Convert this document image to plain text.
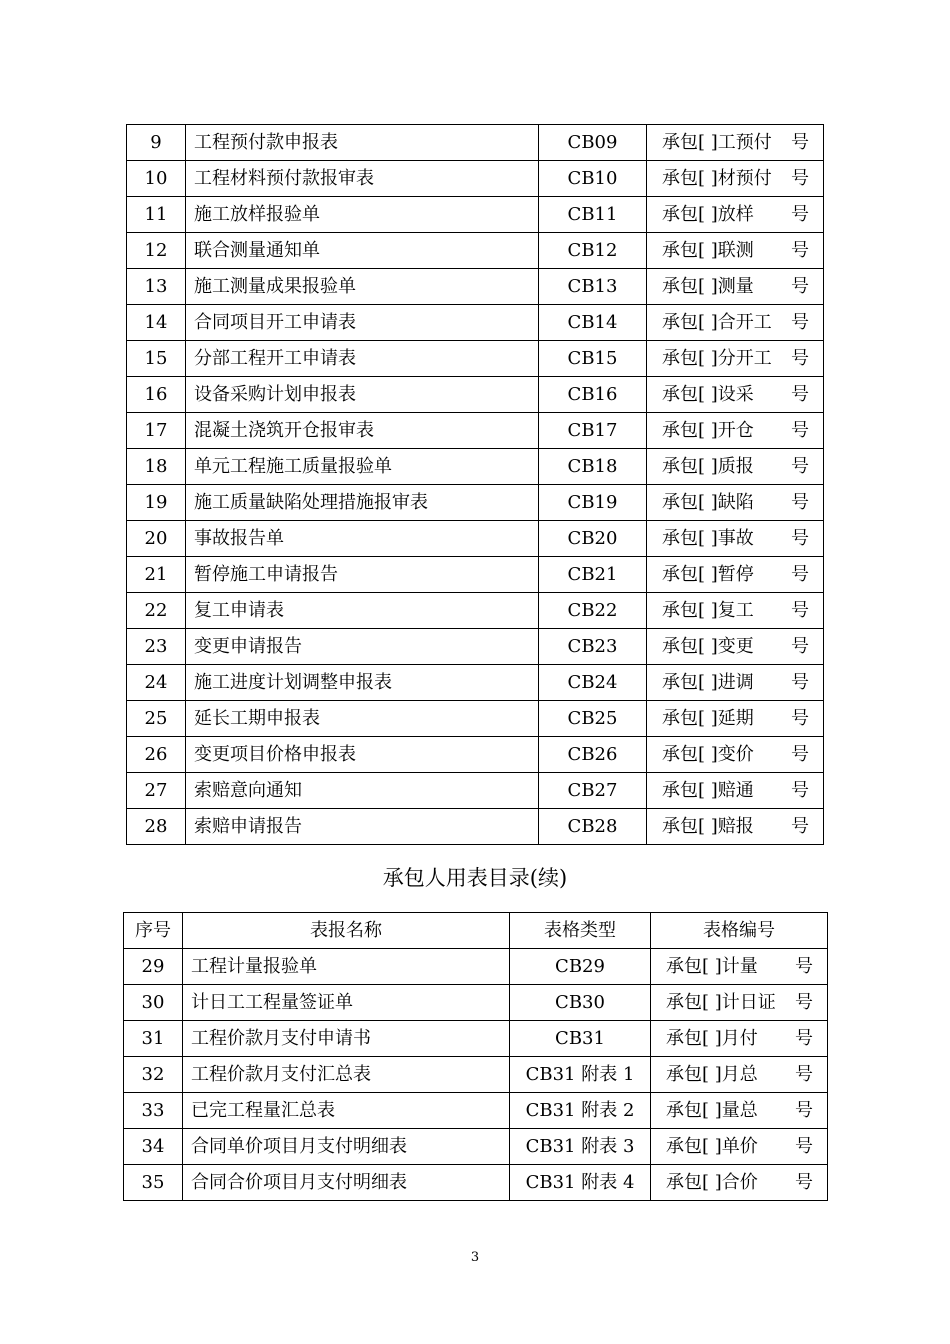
9	工程预付款申报表	CB09	承包[ ]工预付 号

10	工程材料预付款报审表	CB10	承包[ ]材预付 号

11	施工放样报验单	CB11	承包[ ]放样 号

12	联合测量通知单	CB12	承包[ ]联测 号

13	施工测量成果报验单	CB13	承包[ ]测量 号

14	合同项目开工申请表	CB14	承包[ ]合开工 号

15	分部工程开工申请表	CB15	承包[ ]分开工 号

16	设备采购计划申报表	CB16	承包[ ]设采 号

17	混凝土浇筑开仓报审表	CB17	承包[ ]开仓 号

18	单元工程施工质量报验单	CB18	承包[ ]质报 号

19	施工质量缺陷处理措施报审表	CB19	承包[ ]缺陷 号

20	事故报告单	CB20	承包[ ]事故 号

21	暂停施工申请报告	CB21	承包[ ]暂停 号

22	复工申请表	CB22	承包[ ]复工 号

23	变更申请报告	CB23	承包[ ]变更 号

24	施工进度计划调整申报表	CB24	承包[ ]进调 号

25	延长工期申报表	CB25	承包[ ]延期 号

26	变更项目价格申报表	CB26	承包[ ]变价 号

27	索赔意向通知	CB27	承包[ ]赔通 号

28	索赔申请报告	CB28	承包[ ]赔报 号
承包人用表目录(续)
序号	表报名称	表格类型	表格编号
29	工程计量报验单	CB29	承包[ ]计量 号

30	计日工工程量签证单	CB30	承包[ ]计日证 号

31	工程价款月支付申请书	CB31	承包[ ]月付 号

32	工程价款月支付汇总表	CB31 附表 1	承包[ ]月总 号

33	已完工程量汇总表	CB31 附表 2	承包[ ]量总 号

34	合同单价项目月支付明细表	CB31 附表 3	承包[ ]单价 号

35	合同合价项目月支付明细表	CB31 附表 4	承包[ ]合价 号
3
